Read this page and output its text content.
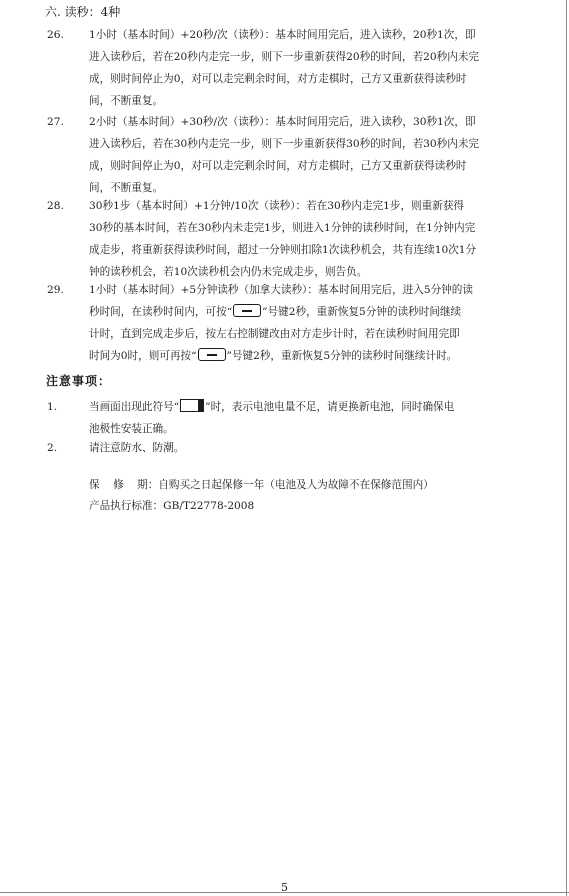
六. 读秒：4种
26. 1小时（基本时间）+20秒/次（读秒）：基本时间用完后，进入读秒，20秒1次，即
进入读秒后，若在20秒内走完一步，则下一步重新获得20秒的时间，若20秒内未完
成，则时间停止为0，对可以走完剩余时间，对方走棋时，己方又重新获得读秒时
间，不断重复。
27. 2小时（基本时间）+30秒/次（读秒）：基本时间用完后，进入读秒，30秒1次，即
进入读秒后，若在30秒内走完一步，则下一步重新获得30秒的时间，若30秒内未完
成，则时间停止为0，对可以走完剩余时间，对方走棋时，己方又重新获得读秒时
间，不断重复。
28. 30秒1步（基本时间）+1分钟/10次（读秒）：若在30秒内走完1步，则重新获得
30秒的基本时间，若在30秒内未走完1步，则进入1分钟的读秒时间，在1分钟内完
成走步，将重新获得读秒时间，超过一分钟则扣除1次读秒机会，共有连续10次1分
钟的读秒机会，若10次读秒机会内仍未完成走步，则告负。
29. 1小时（基本时间）+5分钟读秒（加拿大读秒）：基本时间用完后，进入5分钟的读
秒时间，在读秒时间内，可按“	”号键2秒，重新恢复5分钟的读秒时间继续
计时，直到完成走步后，按左右控制键改由对方走步计时，若在读秒时间用完即
时间为0时，则可再按“	”号键2秒，重新恢复5分钟的读秒时间继续计时。
注意事项：
1.	当画面出现此符号“ ”时，表示电池电量不足，请更换新电池，同时确保电
池极性安装正确。
2.	请注意防水、防潮。
保    修    期：自购买之日起保修一年（电池及人为故障不在保修范围内）
产品执行标准：GB/T22778-2008
5
